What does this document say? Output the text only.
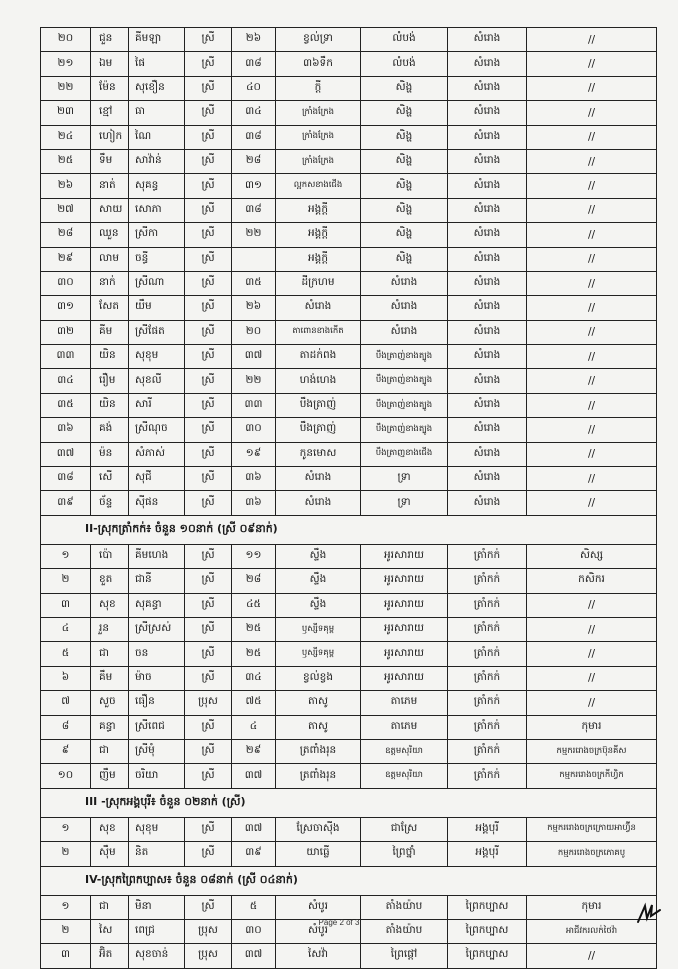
២០	ជួន	គីមឡា	ស្រី	២៦	ខ្វល់ទ្រា	លំបង់	សំរោង	//
២១	ឯម	ផៃ	ស្រី	៣៨	៣៦ទឹក	លំបង់	សំរោង	//
២២	ម៉ែន	សុខឿន	ស្រី	៤០	ក្តី	សិង្ហ	សំរោង	//
២៣	ខ្មៅ	ធា	ស្រី	៣៤	ក្រាំងក្រែង	សិង្ហ	សំរោង	//
២៤	ហៀក	ណៃ	ស្រី	៣៨	ក្រាំងក្រែង	សិង្ហ	សំរោង	//
២៥	ទឹម	សាវ៉ាន់	ស្រី	២៨	ក្រាំងក្រែង	សិង្ហ	សំរោង	//
២៦	នាត់	សុគន្ធ	ស្រី	៣១	ល្អកសខាងជើង	សិង្ហ	សំរោង	//
២៧	សាយ	សោភា	ស្រី	៣៨	អង្គក្តី	សិង្ហ	សំរោង	//
២៨	ឈួន	ស្រីកា	ស្រី	២២	អង្គក្តី	សិង្ហ	សំរោង	//
២៩	លាម	ចន្ធី	ស្រី		អង្គក្តី	សិង្ហ	សំរោង	//
៣០	នាក់	ស្រីណា	ស្រី	៣៥	ដីក្រហម	សំរោង	សំរោង	//
៣១	សែត	យឹម	ស្រី	២៦	សំរោង	សំរោង	សំរោង	//
៣២	គីម	ស្រីផែត	ស្រី	២០	តាពោនខាងកើត	សំរោង	សំរោង	//
៣៣	យិន	សុខុម	ស្រី	៣៧	តាដក់ពង	បឹងត្រាញ់ខាងត្បូង	សំរោង	//
៣៤	រឿម	សុខលី	ស្រី	២២	ហង់ហេង	បឹងត្រាញ់ខាងត្បូង	សំរោង	//
៣៥	យិន	សារី	ស្រី	៣៣	បឹងត្រាញ់	បឹងត្រាញ់ខាងត្បូង	សំរោង	//
៣៦	គង់	ស្រីណុច	ស្រី	៣០	បឹងត្រាញ់	បឹងត្រាញ់ខាងត្បូង	សំរោង	//
៣៧	ម៉ន	សំភាស់	ស្រី	១៩	កូនមោស	បឹងត្រាញខាងជើង	សំរោង	//
៣៨	សើ	សុជី	ស្រី	៣៦	សំរោង	ទ្រា	សំរោង	//
៣៩	ច័ន្ទ	ស៊ីផន	ស្រី	៣៦	សំរោង	ទ្រា	សំរោង	//
II-ស្រុកត្រាំកក់៖ ចំនួន ១០នាក់ (ស្រី ០៩នាក់)								
១	ប៉ោ	គីមហេង	ស្រី	១១	ស្ទឹង	អូរសារាយ	ត្រាំកក់	សិស្ស
២	ខួត	ជានី	ស្រី	២៨	ស្ទឹង	អូរសារាយ	ត្រាំកក់	កសិករ
៣	សុខ	សុគន្ធា	ស្រី	៤៥	ស្ទឹង	អូរសារាយ	ត្រាំកក់	//
៤	រួន	ស្រីស្រស់	ស្រី	២៥	ឫស្សីទគុម្ព	អូរសារាយ	ត្រាំកក់	//
៥	ជា	ចន	ស្រី	២៥	ឫស្សីទគុម្ព	អូរសារាយ	ត្រាំកក់	//
៦	គឹម	ម៉ាច	ស្រី	៣៤	ខ្វល់ខ្វង	អូរសារាយ	ត្រាំកក់	//
៧	សួច	ធឿន	ប្រុស	៧៥	តាសូ	តាភេម	ត្រាំកក់	//
៨	គន្ធា	ស្រីពេជ	ស្រី	៤	តាសូ	តាភេម	ត្រាំកក់	កុមារ
៩	ជា	ស្រីមុំ	ស្រី	២៩	ត្រពាំងរុន	ឧត្តមសុរិយា	ត្រាំកក់	កម្មកររោងចក្រប៊ុនគីស
១០	ញឹម	ចរិយា	ស្រី	៣៧	ត្រពាំងរុន	ឧត្តមសុរិយា	ត្រាំកក់	កម្មកររោងចក្រកីហ្វិក
III -ស្រុកអង្គបុរី៖ ចំនួន ០២នាក់ (ស្រី)								
១	សុខ	សុខុម	ស្រី	៣៧	ស្រែចាស៊ីង	ជាស្រែ	អង្គបុរី	កម្មកររោងចក្រក្រោយអាហ្វ៊ីន
២	ស៊ឹម	និត	ស្រី	៣៩	យាធ្លើ	ព្រៃថ្នាំ	អង្គបុរី	កម្មកររោងចក្រភោគបូ
IV-ស្រុកព្រៃកប្បាស៖ ចំនួន ០៨នាក់ (ស្រី ០៤នាក់)								
១	ជា	មិនា	ស្រី	៥	សំបូរ	តាំងយ៉ាប	ព្រៃកប្បាស	កុមារ
២	សៃ	ពេជ្រ	ប្រុស	៣០	សំបូរ	តាំងយ៉ាប	ព្រៃកប្បាស	អាជីវករលក់ថៃវ៉ា
៣	អ៊ិត	សុខចាន់	ប្រុស	៣៧	សៃវ៉ា	ព្រៃផ្តៅ	ព្រៃកប្បាស	//
Page 2 of 3
